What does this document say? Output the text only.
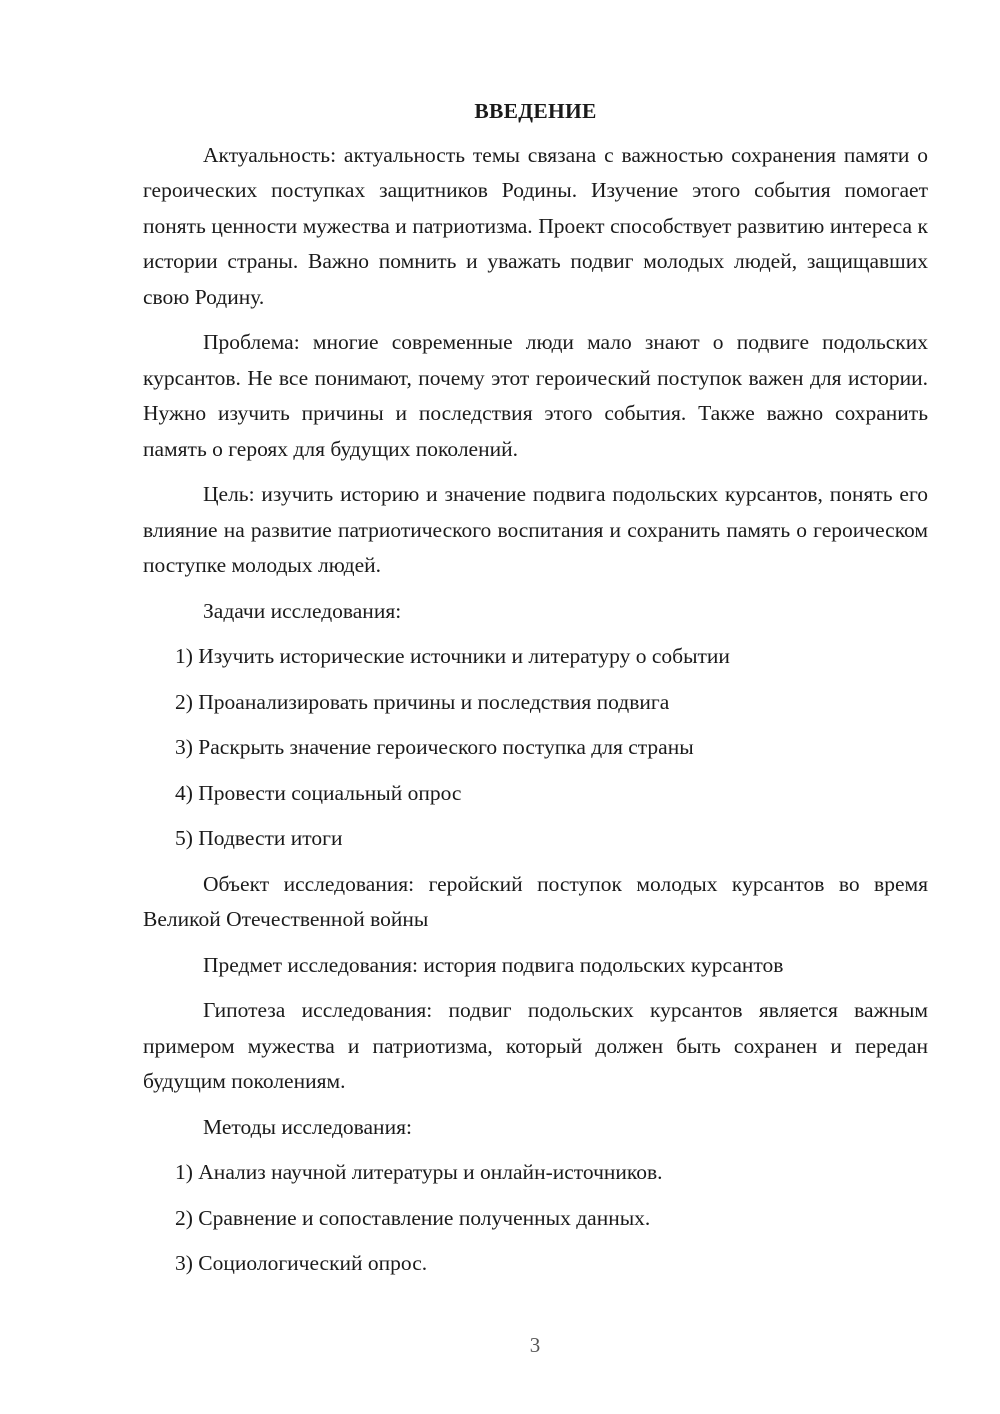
ВВЕДЕНИЕ
Актуальность: актуальность темы связана с важностью сохранения памяти о героических поступках защитников Родины. Изучение этого события помогает понять ценности мужества и патриотизма. Проект способствует развитию интереса к истории страны. Важно помнить и уважать подвиг молодых людей, защищавших свою Родину.
Проблема: многие современные люди мало знают о подвиге подольских курсантов. Не все понимают, почему этот героический поступок важен для истории. Нужно изучить причины и последствия этого события. Также важно сохранить память о героях для будущих поколений.
Цель: изучить историю и значение подвига подольских курсантов, понять его влияние на развитие патриотического воспитания и сохранить память о героическом поступке молодых людей.
Задачи исследования:
1) Изучить исторические источники и литературу о событии
2) Проанализировать причины и последствия подвига
3) Раскрыть значение героического поступка для страны
4) Провести социальный опрос
5) Подвести итоги
Объект исследования: геройский поступок молодых курсантов во время Великой Отечественной войны
Предмет исследования: история подвига подольских курсантов
Гипотеза исследования: подвиг подольских курсантов является важным примером мужества и патриотизма, который должен быть сохранен и передан будущим поколениям.
Методы исследования:
1) Анализ научной литературы и онлайн-источников.
2) Сравнение и сопоставление полученных данных.
3) Социологический опрос.
3
